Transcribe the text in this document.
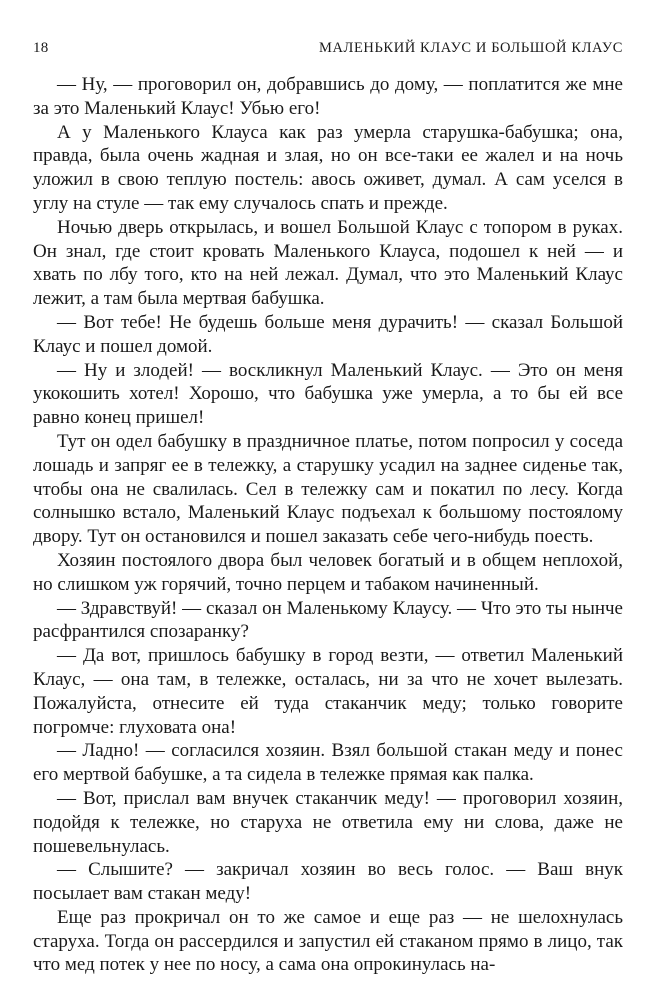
18	МАЛЕНЬКИЙ КЛАУС И БОЛЬШОЙ КЛАУС

— Ну, — проговорил он, добравшись до дому, — поплатится же мне за это Маленький Клаус! Убью его!

А у Маленького Клауса как раз умерла старушка-бабушка; она, правда, была очень жадная и злая, но он все-таки ее жалел и на ночь уложил в свою теплую постель: авось оживет, думал. А сам уселся в углу на стуле — так ему случалось спать и прежде.

Ночью дверь открылась, и вошел Большой Клаус с топором в руках. Он знал, где стоит кровать Маленького Клауса, подошел к ней — и хвать по лбу того, кто на ней лежал. Думал, что это Маленький Клаус лежит, а там была мертвая бабушка.

— Вот тебе! Не будешь больше меня дурачить! — сказал Большой Клаус и пошел домой.

— Ну и злодей! — воскликнул Маленький Клаус. — Это он меня укокошить хотел! Хорошо, что бабушка уже умерла, а то бы ей все равно конец пришел!

Тут он одел бабушку в праздничное платье, потом попросил у соседа лошадь и запряг ее в тележку, а старушку усадил на заднее сиденье так, чтобы она не свалилась. Сел в тележку сам и покатил по лесу. Когда солнышко встало, Маленький Клаус подъехал к большому постоялому двору. Тут он остановился и пошел заказать себе чего-нибудь поесть.

Хозяин постоялого двора был человек богатый и в общем неплохой, но слишком уж горячий, точно перцем и табаком начиненный.

— Здравствуй! — сказал он Маленькому Клаусу. — Что это ты нынче расфрантился спозаранку?

— Да вот, пришлось бабушку в город везти, — ответил Маленький Клаус, — она там, в тележке, осталась, ни за что не хочет вылезать. Пожалуйста, отнесите ей туда стаканчик меду; только говорите погромче: глуховата она!

— Ладно! — согласился хозяин. Взял большой стакан меду и понес его мертвой бабушке, а та сидела в тележке прямая как палка.

— Вот, прислал вам внучек стаканчик меду! — проговорил хозяин, подойдя к тележке, но старуха не ответила ему ни слова, даже не пошевельнулась.

— Слышите? — закричал хозяин во весь голос. — Ваш внук посылает вам стакан меду!

Еще раз прокричал он то же самое и еще раз — не шелохнулась старуха. Тогда он рассердился и запустил ей стаканом прямо в лицо, так что мед потек у нее по носу, а сама она опрокинулась на-
